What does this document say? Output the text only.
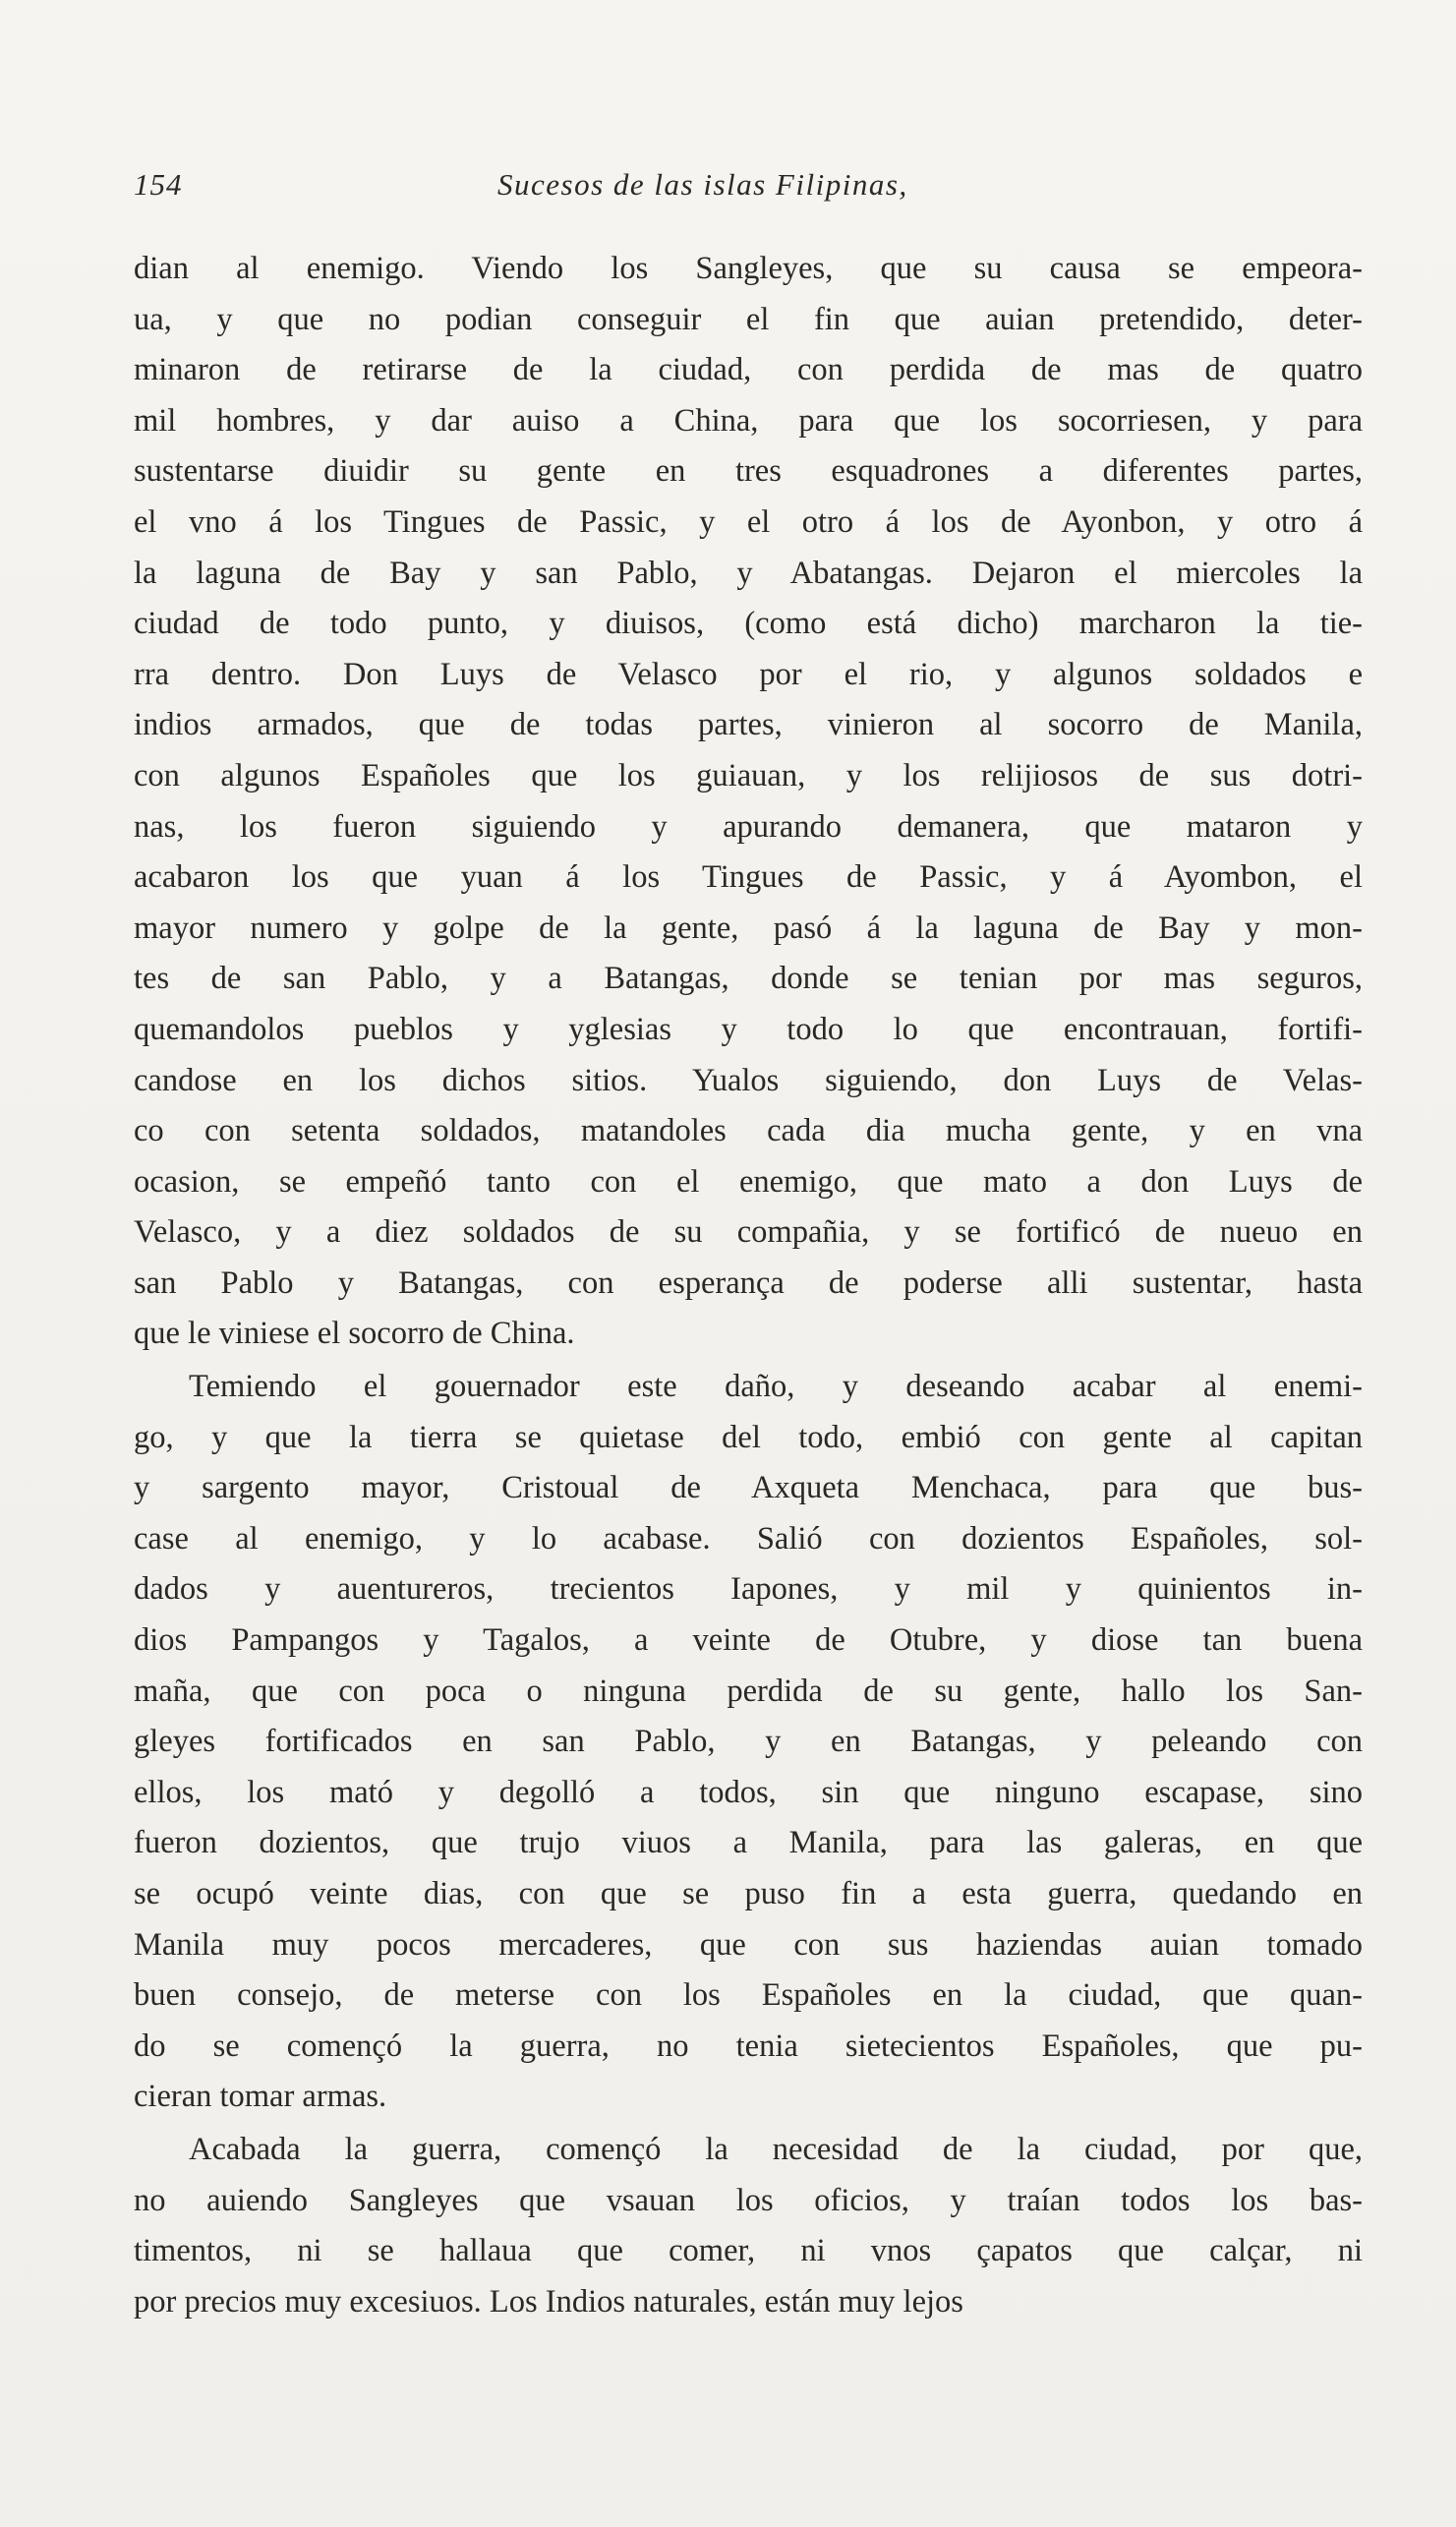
154	Sucesos de las islas Filipinas,
dian al enemigo. Viendo los Sangleyes, que su causa se empeora-
ua, y que no podian conseguir el fin que auian pretendido, deter-
minaron de retirarse de la ciudad, con perdida de mas de quatro
mil hombres, y dar auiso a China, para que los socorriesen, y para
sustentarse diuidir su gente en tres esquadrones a diferentes partes,
el vno á los Tingues de Passic, y el otro á los de Ayonbon, y otro á
la laguna de Bay y san Pablo, y Abatangas. Dejaron el miercoles la
ciudad de todo punto, y diuisos, (como está dicho) marcharon la tie-
rra dentro. Don Luys de Velasco por el rio, y algunos soldados e
indios armados, que de todas partes, vinieron al socorro de Manila,
con algunos Españoles que los guiauan, y los relijiosos de sus dotri-
nas, los fueron siguiendo y apurando demanera, que mataron y
acabaron los que yuan á los Tingues de Passic, y á Ayombon, el
mayor numero y golpe de la gente, pasó á la laguna de Bay y mon-
tes de san Pablo, y a Batangas, donde se tenian por mas seguros,
quemandolos pueblos y yglesias y todo lo que encontrauan, fortifi-
candose en los dichos sitios. Yualos siguiendo, don Luys de Velas-
co con setenta soldados, matandoles cada dia mucha gente, y en vna
ocasion, se empeñó tanto con el enemigo, que mato a don Luys de
Velasco, y a diez soldados de su compañia, y se fortificó de nueuo en
san Pablo y Batangas, con esperança de poderse alli sustentar, hasta
que le viniese el socorro de China.
Temiendo el gouernador este daño, y deseando acabar al enemi-
go, y que la tierra se quietase del todo, embió con gente al capitan
y sargento mayor, Cristoual de Axqueta Menchaca, para que bus-
case al enemigo, y lo acabase. Salió con dozientos Españoles, sol-
dados y auentureros, trecientos Iapones, y mil y quinientos in-
dios Pampangos y Tagalos, a veinte de Otubre, y diose tan buena
maña, que con poca o ninguna perdida de su gente, hallo los San-
gleyes fortificados en san Pablo, y en Batangas, y peleando con
ellos, los mató y degolló a todos, sin que ninguno escapase, sino
fueron dozientos, que trujo viuos a Manila, para las galeras, en que
se ocupó veinte dias, con que se puso fin a esta guerra, quedando en
Manila muy pocos mercaderes, que con sus haziendas auian tomado
buen consejo, de meterse con los Españoles en la ciudad, que quan-
do se començó la guerra, no tenia sietecientos Españoles, que pu-
cieran tomar armas.
Acabada la guerra, començó la necesidad de la ciudad, por que,
no auiendo Sangleyes que vsauan los oficios, y traían todos los bas-
timentos, ni se hallaua que comer, ni vnos çapatos que calçar, ni
por precios muy excesiuos. Los Indios naturales, están muy lejos
